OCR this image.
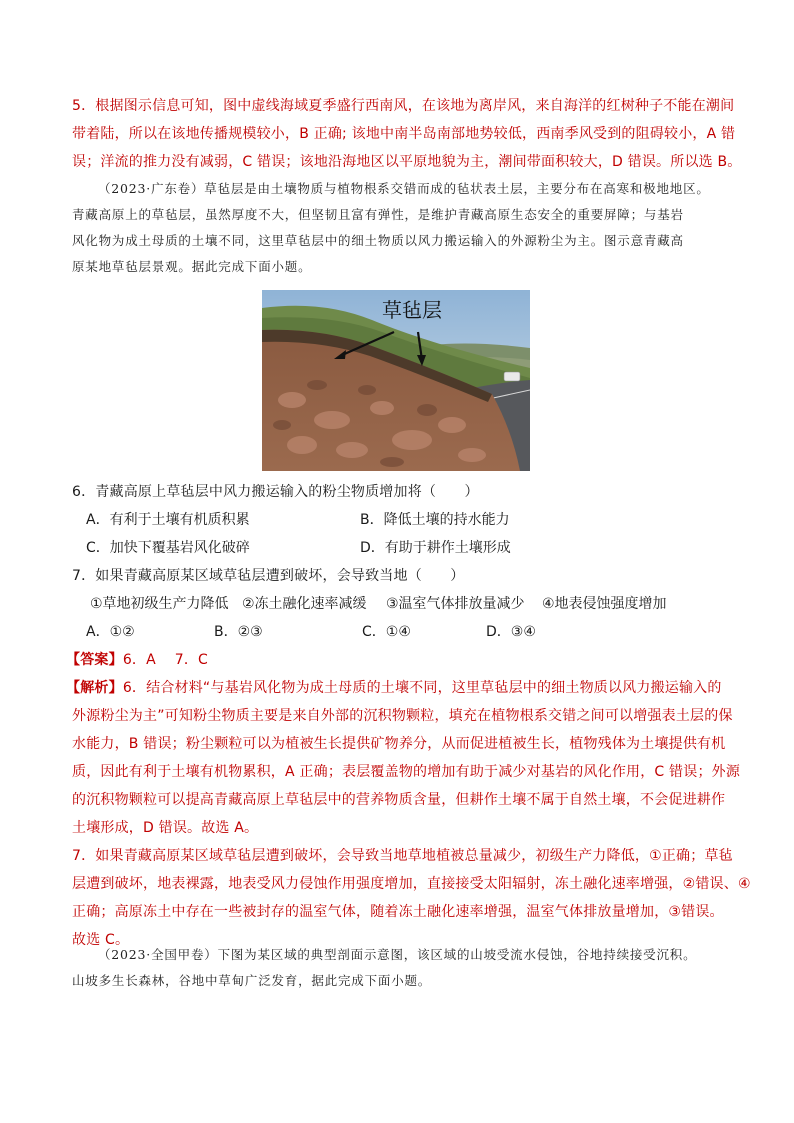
5．根据图示信息可知，图中虚线海域夏季盛行西南风，在该地为离岸风，来自海洋的红树种子不能在潮间
带着陆，所以在该地传播规模较小，B 正确; 该地中南半岛南部地势较低，西南季风受到的阻碍较小，A 错
误；洋流的推力没有减弱，C 错误；该地沿海地区以平原地貌为主，潮间带面积较大，D 错误。所以选 B。
（2023·广东卷）草毡层是由土壤物质与植物根系交错而成的毡状表土层，主要分布在高寒和极地地区。
青藏高原上的草毡层，虽然厚度不大，但坚韧且富有弹性，是维护青藏高原生态安全的重要屏障；与基岩
风化物为成土母质的土壤不同，这里草毡层中的细土物质以风力搬运输入的外源粉尘为主。图示意青藏高
原某地草毡层景观。据此完成下面小题。
草毡层
6．青藏高原上草毡层中风力搬运输入的粉尘物质增加将（　　）
A．有利于土壤有机质积累	B．降低土壤的持水能力
C．加快下覆基岩风化破碎	D．有助于耕作土壤形成
7．如果青藏高原某区域草毡层遭到破坏，会导致当地（　　）
①草地初级生产力降低 ②冻土融化速率减缓 ③温室气体排放量减少 ④地表侵蚀强度增加
A．①②	B．②③	C．①④	D．③④
【答案】6．A　 7．C
【解析】6．结合材料“与基岩风化物为成土母质的土壤不同，这里草毡层中的细土物质以风力搬运输入的
外源粉尘为主”可知粉尘物质主要是来自外部的沉积物颗粒，填充在植物根系交错之间可以增强表土层的保
水能力，B 错误；粉尘颗粒可以为植被生长提供矿物养分，从而促进植被生长，植物残体为土壤提供有机
质，因此有利于土壤有机物累积，A 正确；表层覆盖物的增加有助于减少对基岩的风化作用，C 错误；外源
的沉积物颗粒可以提高青藏高原上草毡层中的营养物质含量，但耕作土壤不属于自然土壤，不会促进耕作
土壤形成，D 错误。故选 A。
7．如果青藏高原某区域草毡层遭到破坏，会导致当地草地植被总量减少，初级生产力降低，①正确；草毡
层遭到破坏，地表裸露，地表受风力侵蚀作用强度增加，直接接受太阳辐射，冻土融化速率增强，②错误、④
正确；高原冻土中存在一些被封存的温室气体，随着冻土融化速率增强，温室气体排放量增加，③错误。
故选 C。
（2023·全国甲卷）下图为某区域的典型剖面示意图，该区域的山坡受流水侵蚀，谷地持续接受沉积。
山坡多生长森林，谷地中草甸广泛发育，据此完成下面小题。
